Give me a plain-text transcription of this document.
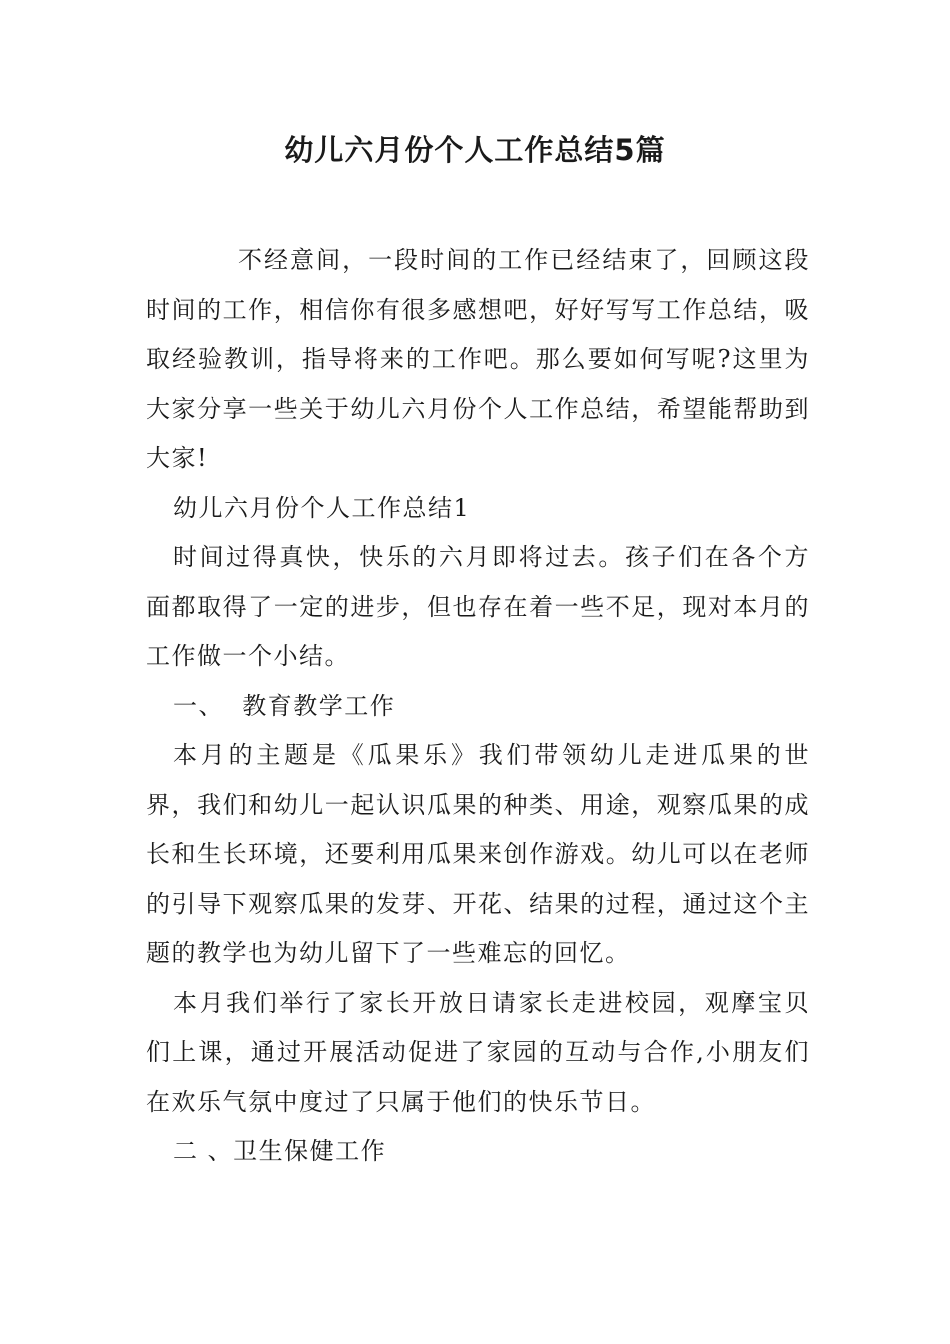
幼儿六月份个人工作总结5篇

不经意间，一段时间的工作已经结束了，回顾这段时间的工作，相信你有很多感想吧，好好写写工作总结，吸取经验教训，指导将来的工作吧。那么要如何写呢?这里为大家分享一些关于幼儿六月份个人工作总结，希望能帮助到大家!

幼儿六月份个人工作总结1

时间过得真快，快乐的六月即将过去。孩子们在各个方面都取得了一定的进步，但也存在着一些不足，现对本月的工作做一个小结。

一、  教育教学工作

本月的主题是《瓜果乐》我们带领幼儿走进瓜果的世界，我们和幼儿一起认识瓜果的种类、用途，观察瓜果的成长和生长环境，还要利用瓜果来创作游戏。幼儿可以在老师的引导下观察瓜果的发芽、开花、结果的过程，通过这个主题的教学也为幼儿留下了一些难忘的回忆。

本月我们举行了家长开放日请家长走进校园，观摩宝贝们上课，通过开展活动促进了家园的互动与合作,小朋友们在欢乐气氛中度过了只属于他们的快乐节日。

二 、卫生保健工作
